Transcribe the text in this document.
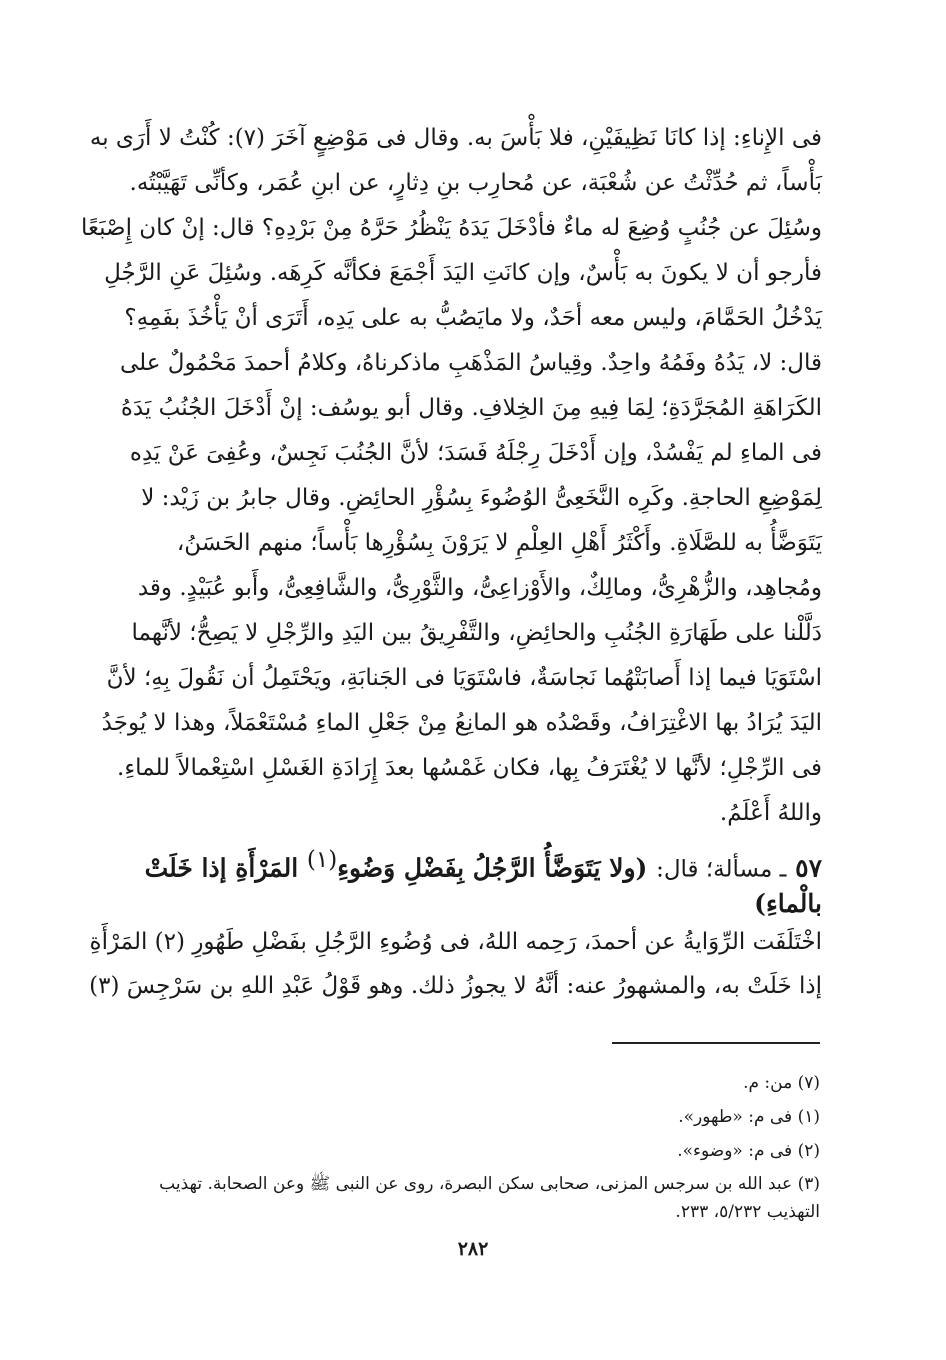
فى الإِناءِ: إذا كانَا نَظِيفَيْنِ، فلا بَأْسَ به. وقال فى مَوْضِعٍ آخَرَ (٧): كُنْتُ لا أَرَى به
بَأْساً، ثم حُدِّثْتُ عن شُعْبَة، عن مُحارِب بنِ دِثارٍ، عن ابنِ عُمَر، وكأنِّى تَهَيَّبْتُه.
وسُئِلَ عن جُنُبٍ وُضِعَ له ماءٌ فأدْخَلَ يَدَهُ يَنْظُرُ حَرَّهُ مِنْ بَرْدِهِ؟ قال: إنْ كان إِصْبَعًا
فأرجو أن لا يكونَ به بَأْسٌ، وإن كانَتِ اليَدَ أَجْمَعَ فكأنَّه كَرِهَه. وسُئِلَ عَنِ الرَّجُلِ
يَدْخُلُ الحَمَّامَ، وليس معه أحَدٌ، ولا مايَصُبُّ به على يَدِه، أَتَرَى أنْ يَأْخُذَ بفَمِهِ؟
قال: لا، يَدُهُ وفَمُهُ واحِدٌ. وقِياسُ المَذْهَبِ ماذكرناهُ، وكلامُ أحمدَ مَحْمُولٌ على
الكَرَاهَةِ المُجَرَّدَةِ؛ لِمَا فِيهِ مِنَ الخِلافِ. وقال أبو يوسُف: إنْ أَدْخَلَ الجُنُبُ يَدَهُ
فى الماءِ لم يَفْسُدْ، وإن أَدْخَلَ رِجْلَهُ فَسَدَ؛ لأنَّ الجُنُبَ نَجِسٌ، وعُفِىَ عَنْ يَدِه
لِمَوْضِعِ الحاجةِ. وكَرِه النَّخَعِىُّ الوُضُوءَ بِسُؤْرِ الحائِضِ. وقال جابرُ بن زَيْد: لا
يَتَوَضَّأُ به للصَّلَاةِ. وأَكْثَرُ أَهْلِ العِلْمِ لا يَرَوْنَ بِسُؤْرِها بَأْساً؛ منهم الحَسَنُ،
ومُجاهِد، والزُّهْرِىُّ، ومالِكٌ، والأَوْزاعِىُّ، والثَّوْرِىُّ، والشَّافِعِىُّ، وأَبو عُبَيْدٍ. وقد
دَلَّلْنا على طَهَارَةِ الجُنُبِ والحائِضِ، والتَّفْرِيقُ بين اليَدِ والرِّجْلِ لا يَصِحُّ؛ لأنَّهما
اسْتَوَيَا فيما إذا أَصابَتْهُما نَجاسَةٌ، فاسْتَوَيَا فى الجَنابَةِ، ويَحْتَمِلُ أن نَقُولَ بِهِ؛ لأنَّ
اليَدَ يُرَادُ بها الاغْتِرَافُ، وقَصْدُه هو المانِعُ مِنْ جَعْلِ الماءِ مُسْتَعْمَلاً، وهذا لا يُوجَدُ
فى الرِّجْلِ؛ لأنَّها لا يُغْتَرَفُ بِها، فكان غَمْسُها بعدَ إِرَادَةِ الغَسْلِ اسْتِعْمالاً للماءِ.
واللهُ أَعْلَمُ.
٥٧ ـ مسألة؛ قال: (ولا يَتَوَضَّأُ الرَّجُلُ بِفَضْلِ وَضُوءِ(١) المَرْأَةِ إذا خَلَتْ
بالْماءِ)
اخْتَلَفَت الرِّوَايةُ عن أحمدَ، رَحِمه اللهُ، فى وُضُوءِ الرَّجُلِ بفَضْلِ طَهُورِ (٢) المَرْأَةِ
إذا خَلَتْ به، والمشهورُ عنه: أنَّهُ لا يجوزُ ذلك. وهو قَوْلُ عَبْدِ اللهِ بن سَرْجِسَ (٣)
(٧) من: م.
(١) فى م: «طهور».
(٢) فى م: «وضوء».
(٣) عبد الله بن سرجس المزنى، صحابى سكن البصرة، روى عن النبى ﷺ وعن الصحابة. تهذيب التهذيب ٥/٢٣٢، ٢٣٣.
٢٨٢
